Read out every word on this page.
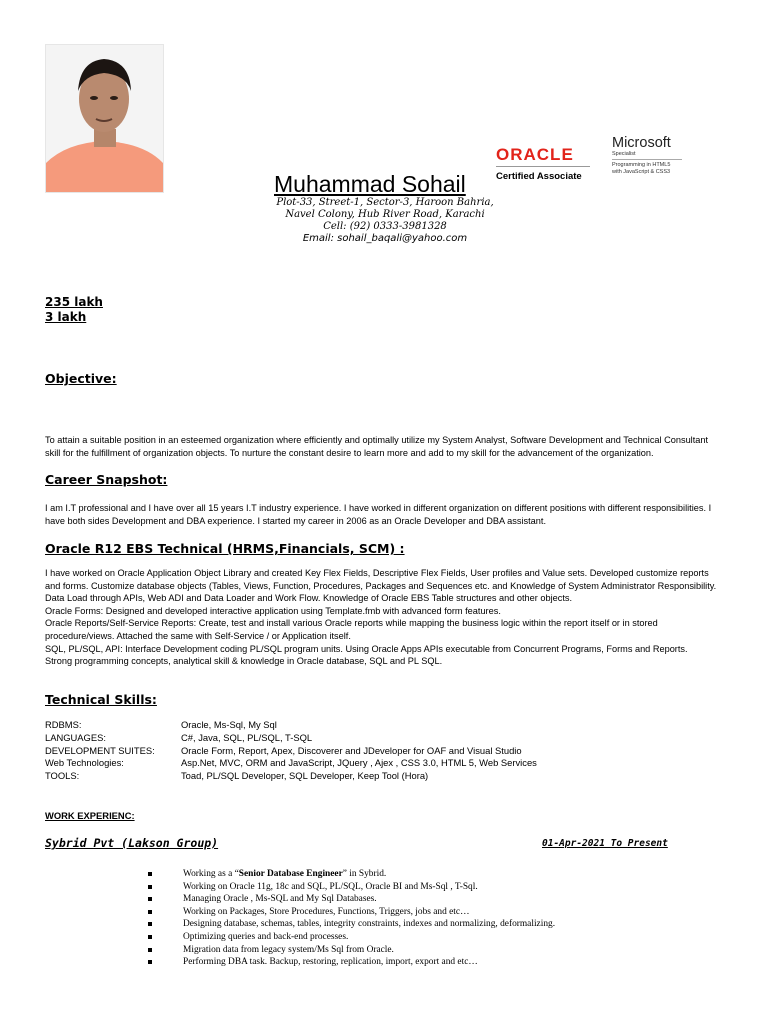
ORACLE
Certified Associate
Microsoft
Specialist
Programming in HTML5
with JavaScript & CSS3
Muhammad Sohail
Plot-33, Street-1, Sector-3, Haroon Bahria,
Navel Colony, Hub River Road, Karachi
Cell: (92) 0333-3981328
Email: sohail_baqali@yahoo.com
235 lakh
3 lakh
Objective:
To attain a suitable position in an esteemed organization where efficiently and optimally utilize my System Analyst, Software Development and Technical Consultant skill for the fulfillment of organization objects. To nurture the constant desire to learn more and add to my skill for the advancement of the organization.
Career Snapshot:
I am I.T professional and I have over all 15 years I.T industry experience. I have worked in different organization on different positions with different responsibilities. I have both sides Development and DBA experience. I started my career in 2006 as an Oracle Developer and DBA assistant.
Oracle R12 EBS Technical (HRMS,Financials, SCM) :
I have worked on Oracle Application Object Library and created Key Flex Fields, Descriptive Flex Fields, User profiles and Value sets. Developed customize reports and forms. Customize database objects (Tables, Views, Function, Procedures, Packages and Sequences etc. and Knowledge of System Administrator Responsibility.
Data Load through APIs, Web ADI and Data Loader and Work Flow. Knowledge of Oracle EBS Table structures and other objects.
Oracle Forms: Designed and developed interactive application using Template.fmb with advanced form features.
Oracle Reports/Self-Service Reports: Create, test and install various Oracle reports while mapping the business logic within the report itself or in stored procedure/views. Attached the same with Self-Service / or Application itself.
SQL, PL/SQL, API: Interface Development coding PL/SQL program units. Using Oracle Apps APIs executable from Concurrent Programs, Forms and Reports.
Strong programming concepts, analytical skill & knowledge in Oracle database, SQL and PL SQL.
Technical Skills:
RDBMS:
LANGUAGES:
DEVELOPMENT SUITES:
Web Technologies:
TOOLS:
Oracle, Ms-Sql, My Sql
C#, Java, SQL, PL/SQL, T-SQL
Oracle Form, Report, Apex, Discoverer and JDeveloper for OAF and Visual Studio
Asp.Net, MVC, ORM and JavaScript, JQuery , Ajex , CSS 3.0, HTML 5, Web Services
Toad, PL/SQL Developer, SQL Developer, Keep Tool (Hora)
WORK EXPERIENC:
Sybrid Pvt (Lakson Group)	01-Apr-2021 To Present
Working as a “Senior Database Engineer” in Sybrid.
Working on Oracle 11g, 18c and SQL, PL/SQL, Oracle BI and Ms-Sql , T-Sql.
Managing Oracle , Ms-SQL and My Sql Databases.
Working on Packages, Store Procedures, Functions, Triggers, jobs and etc…
Designing database, schemas, tables, integrity constraints, indexes and normalizing, deformalizing.
Optimizing queries and back-end processes.
Migration data from legacy system/Ms Sql from Oracle.
Performing DBA task. Backup, restoring, replication, import, export and etc…
